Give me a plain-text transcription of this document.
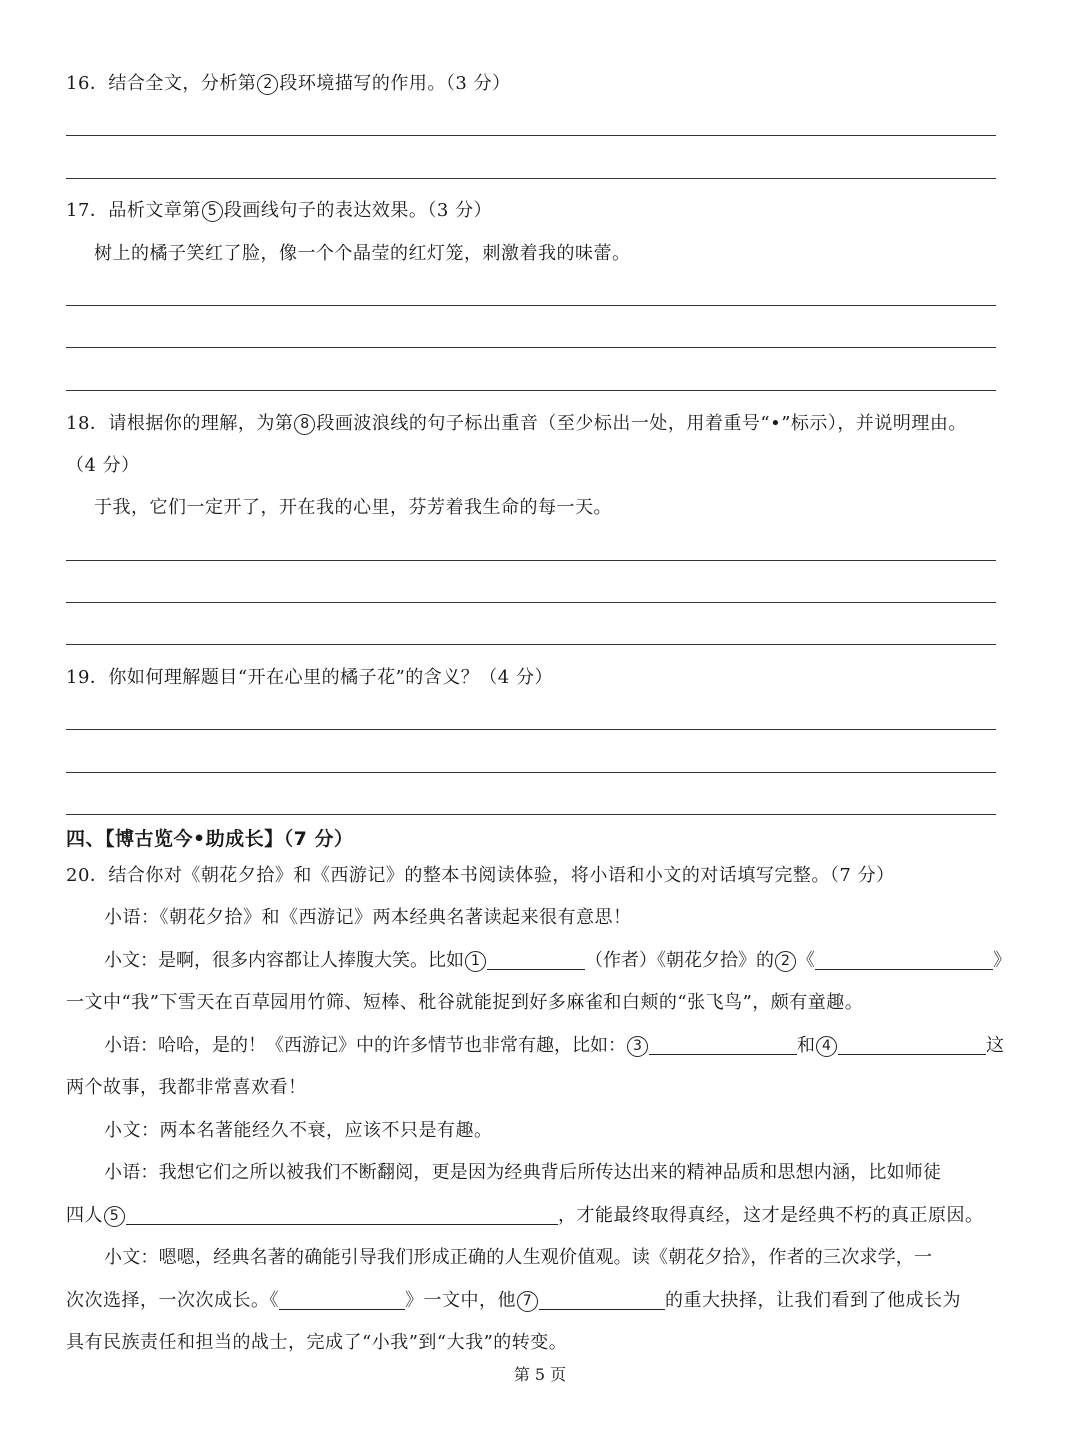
16．结合全文，分析第 2 段环境描写的作用。（3 分）
17．品析文章第 5 段画线句子的表达效果。（3 分）
树上的橘子笑红了脸，像一个个晶莹的红灯笼，刺激着我的味蕾。
18．请根据你的理解，为第 8 段画波浪线的句子标出重音（至少标出一处，用着重号“•”标示），并说明理由。
（4 分）
于我，它们一定开了，开在我的心里，芬芳着我生命的每一天。
19．你如何理解题目“开在心里的橘子花”的含义？（4 分）
四、【博古览今•助成长】（7 分）
20．结合你对《朝花夕拾》和《西游记》的整本书阅读体验，将小语和小文的对话填写完整。（7 分）
小语：《朝花夕拾》和《西游记》两本经典名著读起来很有意思！
小文：是啊，很多内容都让人捧腹大笑。比如 1	（作者）《朝花夕拾》的 2 《	》
一文中“我”下雪天在百草园用竹筛、短棒、秕谷就能捉到好多麻雀和白颊的“张飞鸟”，颇有童趣。
小语：哈哈，是的！《西游记》中的许多情节也非常有趣，比如： 3	和 4	这
两个故事，我都非常喜欢看！
小文：两本名著能经久不衰，应该不只是有趣。
小语：我想它们之所以被我们不断翻阅，更是因为经典背后所传达出来的精神品质和思想内涵，比如师徒
四人 5	，才能最终取得真经，这才是经典不朽的真正原因。
小文：嗯嗯，经典名著的确能引导我们形成正确的人生观价值观。读《朝花夕拾》，作者的三次求学，一
次次选择，一次次成长。《	》一文中，他 7	的重大抉择，让我们看到了他成长为
具有民族责任和担当的战士，完成了“小我”到“大我”的转变。
第 5 页
